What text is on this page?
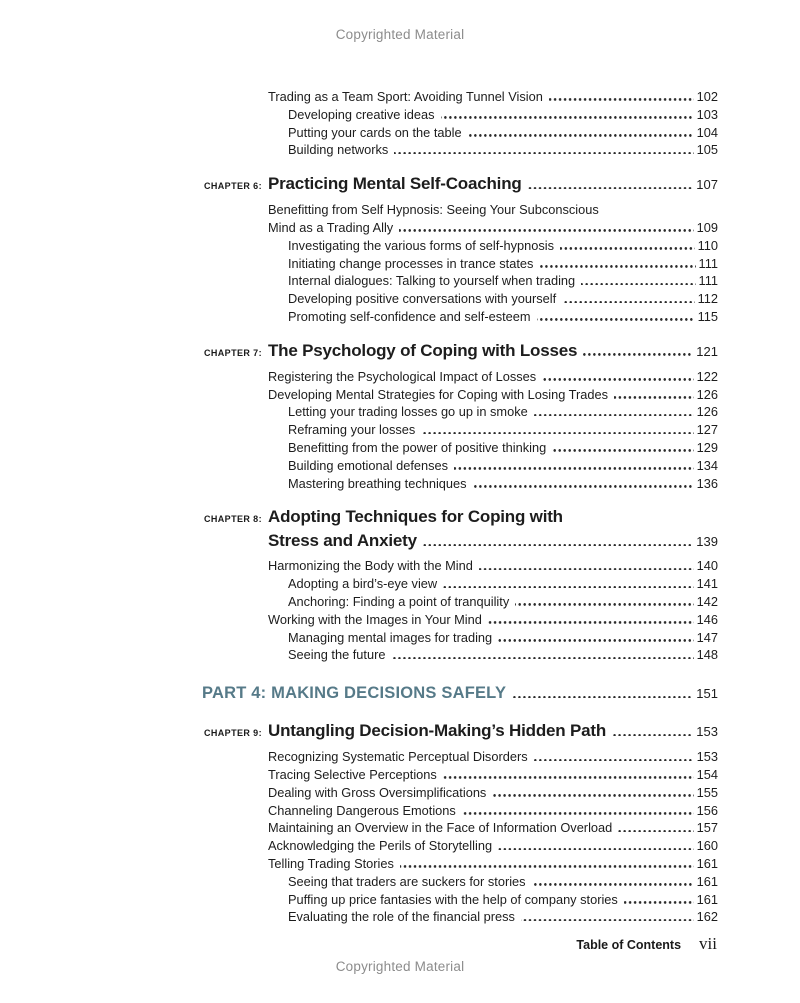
Copyrighted Material
Trading as a Team Sport: Avoiding Tunnel Vision	102
Developing creative ideas	103
Putting your cards on the table	104
Building networks	105
CHAPTER 6: Practicing Mental Self-Coaching	107
Benefitting from Self Hypnosis: Seeing Your Subconscious
Mind as a Trading Ally	109
Investigating the various forms of self-hypnosis	110
Initiating change processes in trance states	111
Internal dialogues: Talking to yourself when trading	111
Developing positive conversations with yourself	112
Promoting self-confidence and self-esteem	115
CHAPTER 7: The Psychology of Coping with Losses	121
Registering the Psychological Impact of Losses	122
Developing Mental Strategies for Coping with Losing Trades	126
Letting your trading losses go up in smoke	126
Reframing your losses	127
Benefitting from the power of positive thinking	129
Building emotional defenses	134
Mastering breathing techniques	136
CHAPTER 8: Adopting Techniques for Coping with
Stress and Anxiety	139
Harmonizing the Body with the Mind	140
Adopting a bird’s-eye view	141
Anchoring: Finding a point of tranquility	142
Working with the Images in Your Mind	146
Managing mental images for trading	147
Seeing the future	148
PART 4: MAKING DECISIONS SAFELY	151
CHAPTER 9: Untangling Decision-Making’s Hidden Path	153
Recognizing Systematic Perceptual Disorders	153
Tracing Selective Perceptions	154
Dealing with Gross Oversimplifications	155
Channeling Dangerous Emotions	156
Maintaining an Overview in the Face of Information Overload	157
Acknowledging the Perils of Storytelling	160
Telling Trading Stories	161
Seeing that traders are suckers for stories	161
Puffing up price fantasies with the help of company stories	161
Evaluating the role of the financial press	162
Table of Contents vii
Copyrighted Material
